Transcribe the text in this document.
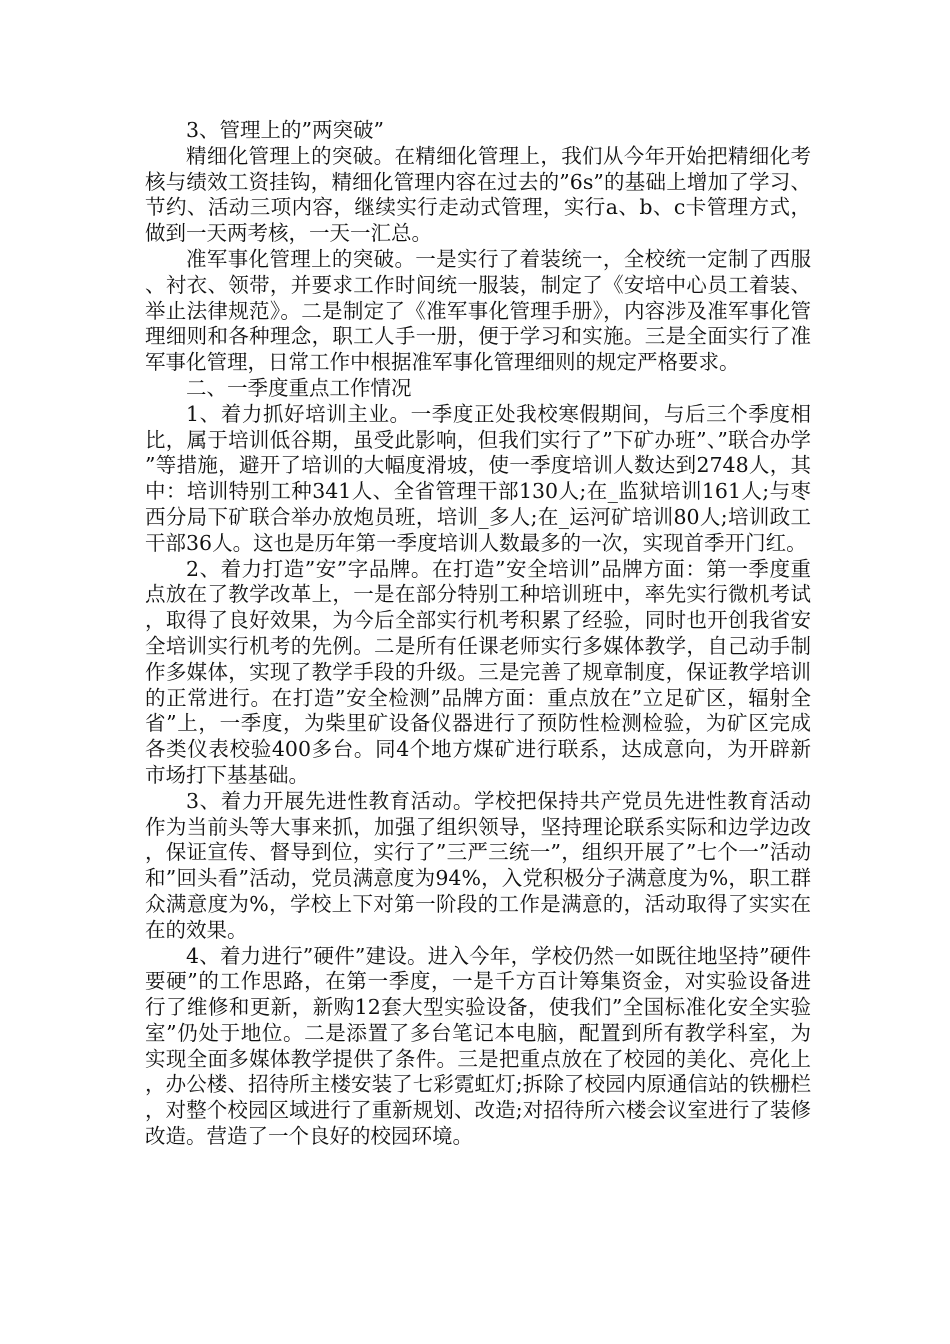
3、管理上的”两突破”

精细化管理上的突破。在精细化管理上，我们从今年开始把精细化考核与绩效工资挂钩，精细化管理内容在过去的”6s”的基础上增加了学习、节约、活动三项内容，继续实行走动式管理，实行a、b、c卡管理方式，做到一天两考核，一天一汇总。

准军事化管理上的突破。一是实行了着装统一，全校统一定制了西服、衬衣、领带，并要求工作时间统一服装，制定了《安培中心员工着装、举止法律规范》。二是制定了《准军事化管理手册》，内容涉及准军事化管理细则和各种理念，职工人手一册，便于学习和实施。三是全面实行了准军事化管理，日常工作中根据准军事化管理细则的规定严格要求。

二、一季度重点工作情况

1、着力抓好培训主业。一季度正处我校寒假期间，与后三个季度相比，属于培训低谷期，虽受此影响，但我们实行了”下矿办班”、”联合办学”等措施，避开了培训的大幅度滑坡，使一季度培训人数达到2748人，其中：培训特别工种341人、全省管理干部130人;在_监狱培训161人;与枣西分局下矿联合举办放炮员班，培训_多人;在_运河矿培训80人;培训政工干部36人。这也是历年第一季度培训人数最多的一次，实现首季开门红。

2、着力打造”安”字品牌。在打造”安全培训”品牌方面：第一季度重点放在了教学改革上，一是在部分特别工种培训班中，率先实行微机考试，取得了良好效果，为今后全部实行机考积累了经验，同时也开创我省安全培训实行机考的先例。二是所有任课老师实行多媒体教学，自己动手制作多媒体，实现了教学手段的升级。三是完善了规章制度，保证教学培训的正常进行。在打造”安全检测”品牌方面：重点放在”立足矿区，辐射全省”上，一季度，为柴里矿设备仪器进行了预防性检测检验，为矿区完成各类仪表校验400多台。同4个地方煤矿进行联系，达成意向，为开辟新市场打下基基础。

3、着力开展先进性教育活动。学校把保持共产党员先进性教育活动作为当前头等大事来抓，加强了组织领导，坚持理论联系实际和边学边改，保证宣传、督导到位，实行了”三严三统一”，组织开展了”七个一”活动和”回头看”活动，党员满意度为94%，入党积极分子满意度为%，职工群众满意度为%，学校上下对第一阶段的工作是满意的，活动取得了实实在在的效果。

4、着力进行”硬件”建设。进入今年，学校仍然一如既往地坚持”硬件要硬”的工作思路，在第一季度，一是千方百计筹集资金，对实验设备进行了维修和更新，新购12套大型实验设备，使我们”全国标准化安全实验室”仍处于地位。二是添置了多台笔记本电脑，配置到所有教学科室，为实现全面多媒体教学提供了条件。三是把重点放在了校园的美化、亮化上，办公楼、招待所主楼安装了七彩霓虹灯;拆除了校园内原通信站的铁栅栏，对整个校园区域进行了重新规划、改造;对招待所六楼会议室进行了装修改造。营造了一个良好的校园环境。
